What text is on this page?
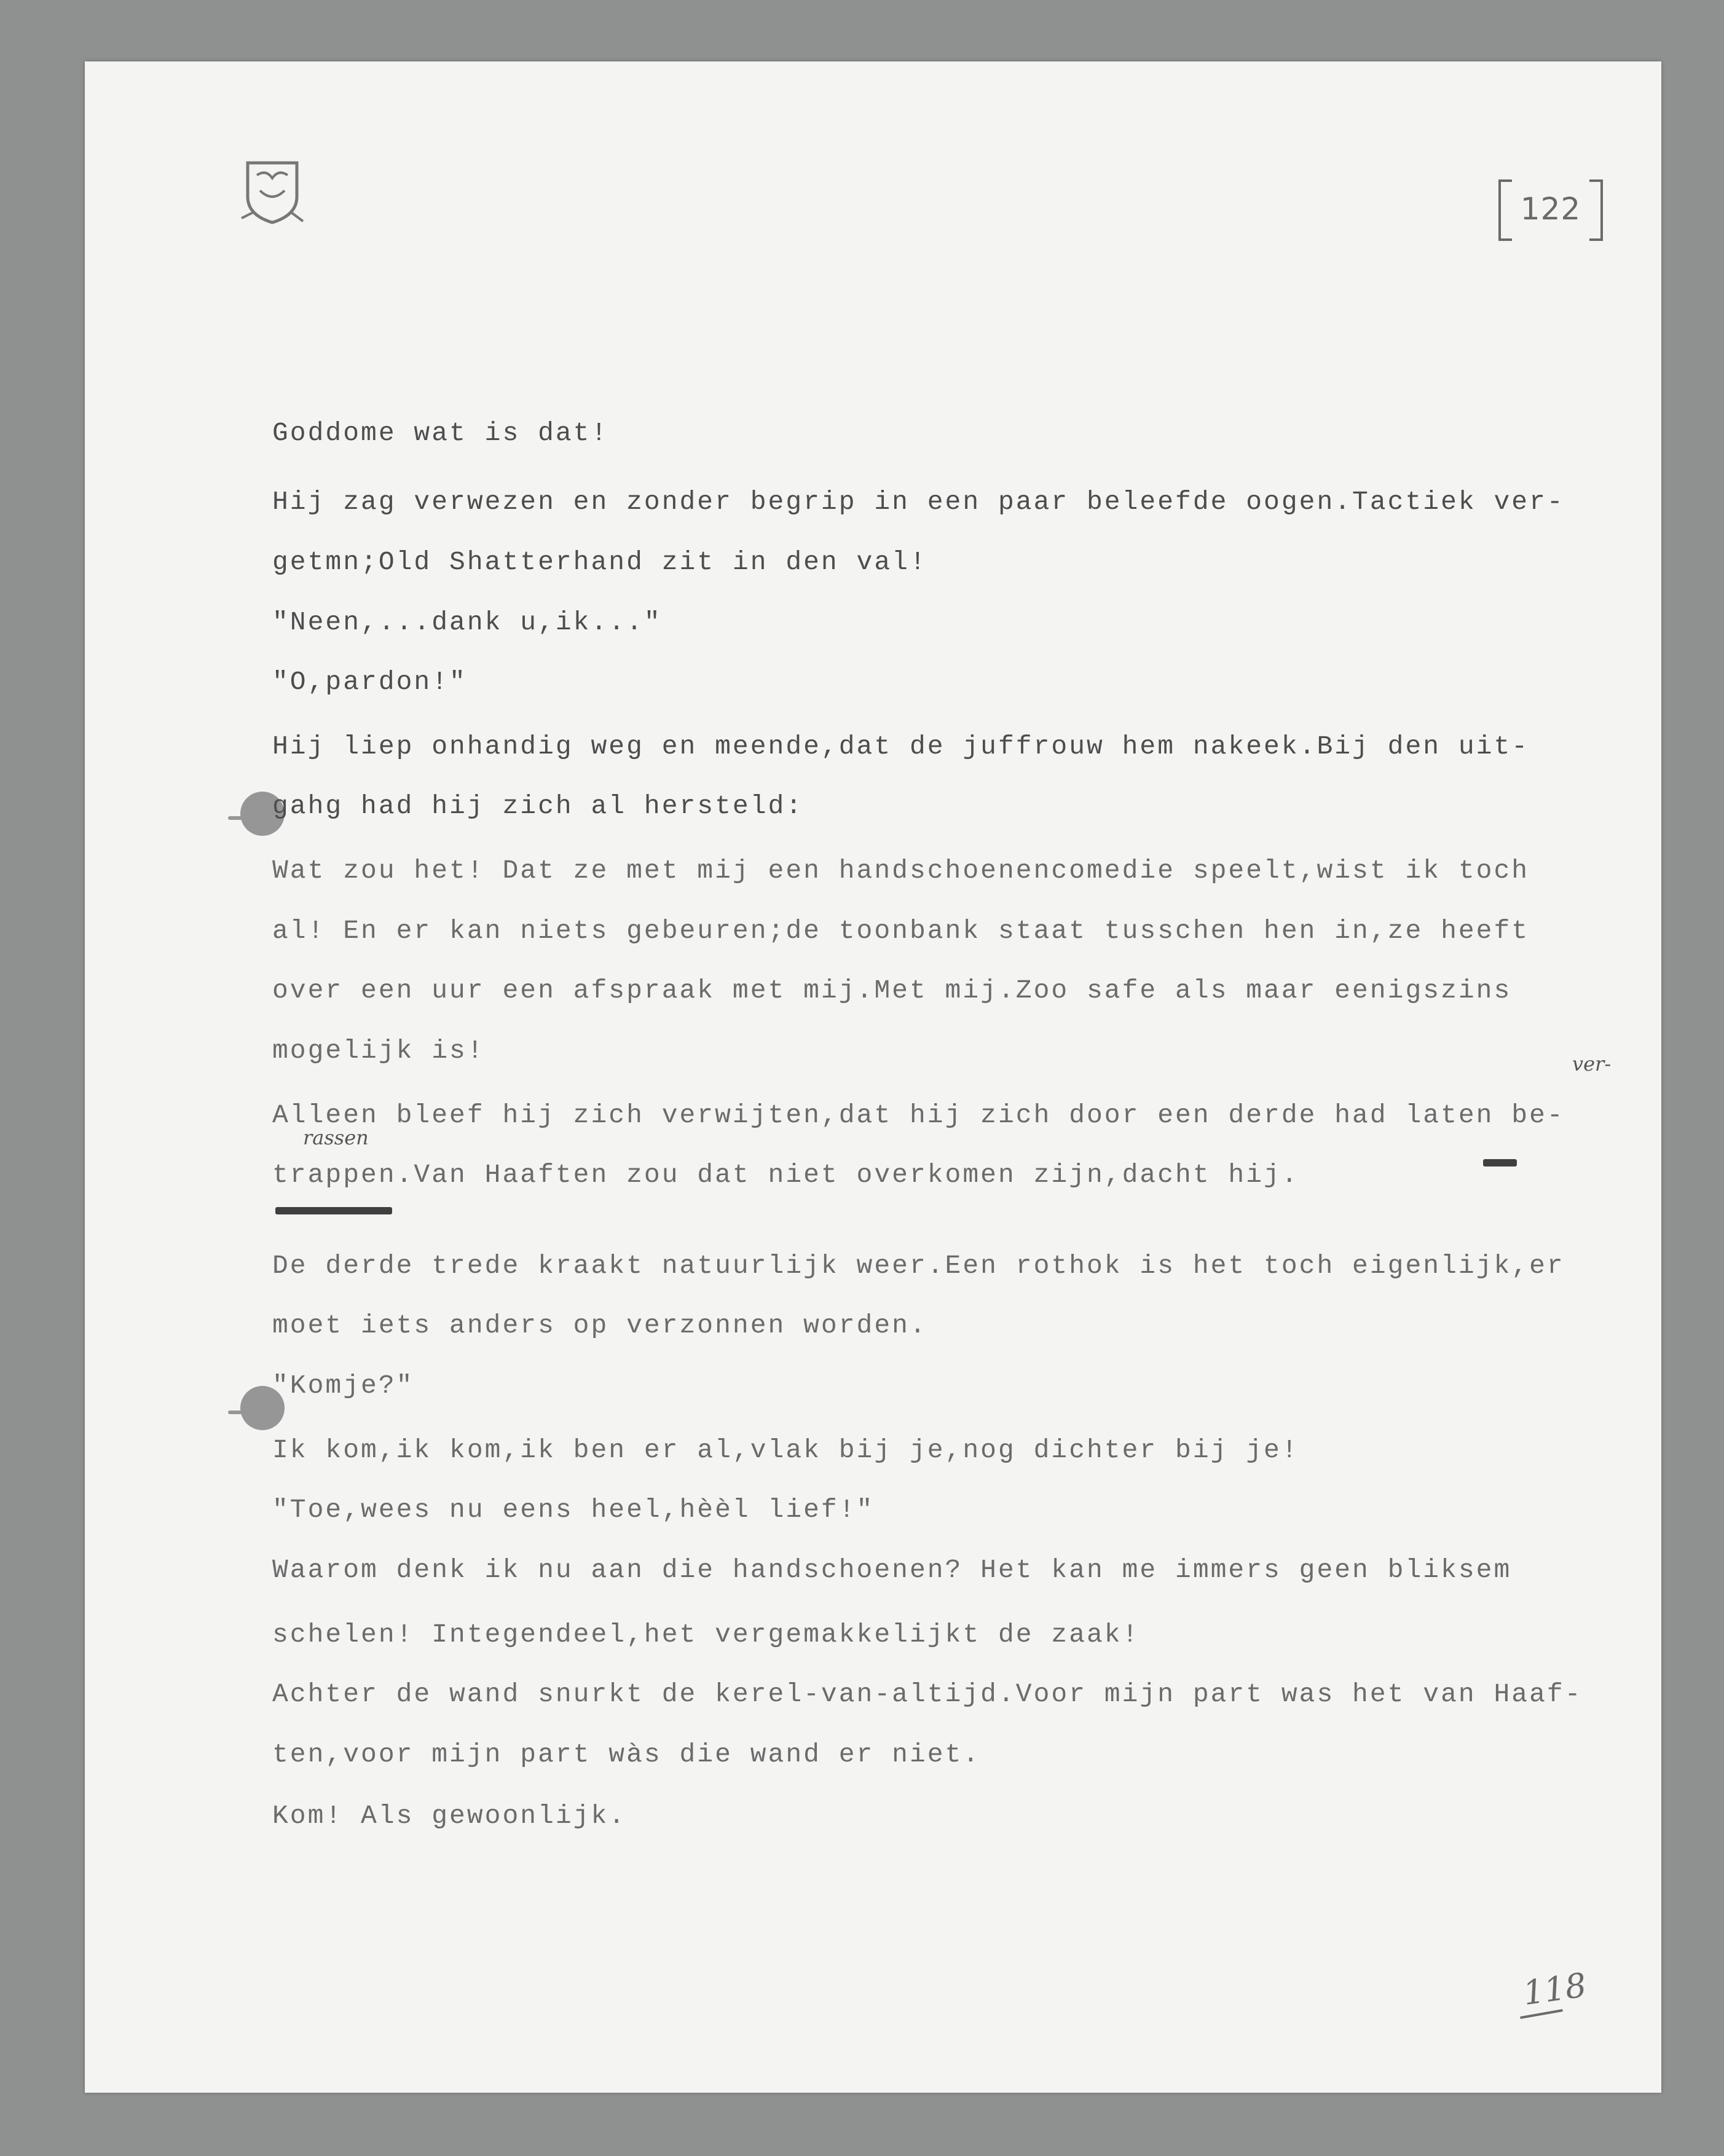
122
Goddome wat is dat!
Hij zag verwezen en zonder begrip in een paar beleefde oogen.Tactiek ver-
getmn;Old Shatterhand zit in den val!
"Neen,...dank u,ik..."
"O,pardon!"
Hij liep onhandig weg en meende,dat de juffrouw hem nakeek.Bij den uit-
gahg had hij zich al hersteld:
Wat zou het! Dat ze met mij een handschoenencomedie speelt,wist ik toch
al! En er kan niets gebeuren;de toonbank staat tusschen hen in,ze heeft
over een uur een afspraak met mij.Met mij.Zoo safe als maar eenigszins
mogelijk is!
Alleen bleef hij zich verwijten,dat hij zich door een derde had laten be-
trappen.Van Haaften zou dat niet overkomen zijn,dacht hij.
De derde trede kraakt natuurlijk weer.Een rothok is het toch eigenlijk,er
moet iets anders op verzonnen worden.
"Komje?"
Ik kom,ik kom,ik ben er al,vlak bij je,nog dichter bij je!
"Toe,wees nu eens heel,hèèl lief!"
Waarom denk ik nu aan die handschoenen? Het kan me immers geen bliksem
schelen! Integendeel,het vergemakkelijkt de zaak!
Achter de wand snurkt de kerel-van-altijd.Voor mijn part was het van Haaf-
ten,voor mijn part wàs die wand er niet.
Kom! Als gewoonlijk.
ver-
rassen
118
